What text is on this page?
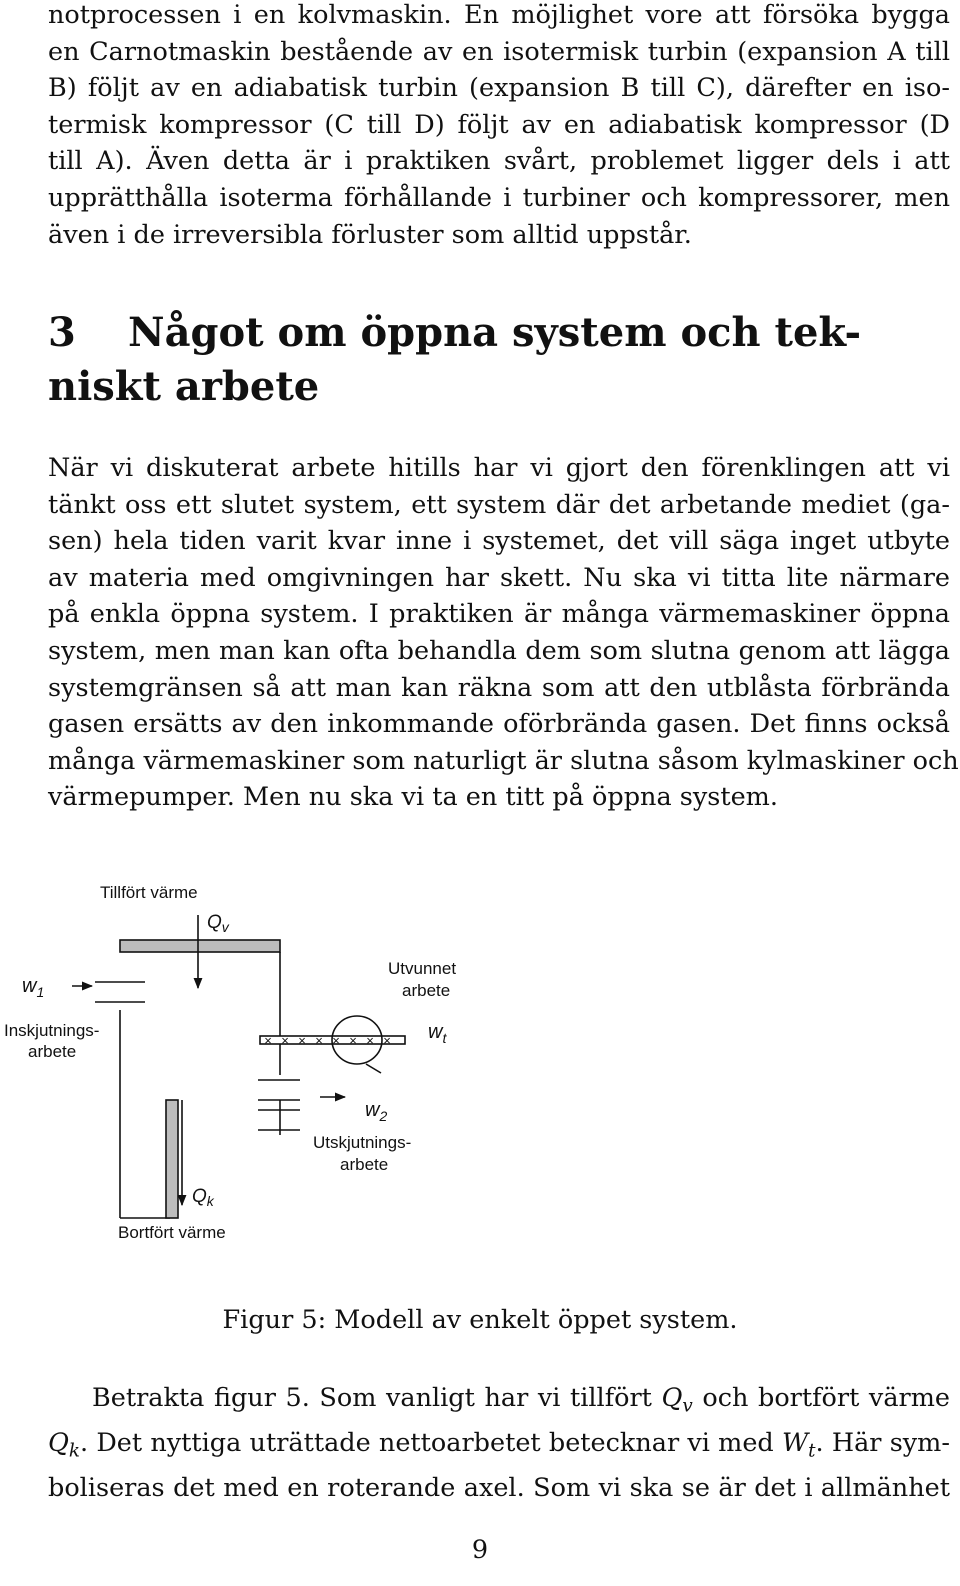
notprocessen i en kolvmaskin. En möjlighet vore att försöka bygga
en Carnotmaskin bestående av en isotermisk turbin (expansion A till
B) följt av en adiabatisk turbin (expansion B till C), därefter en iso-
termisk kompressor (C till D) följt av en adiabatisk kompressor (D
till A). Även detta är i praktiken svårt, problemet ligger dels i att
upprätthålla isoterma förhållande i turbiner och kompressorer, men
även i de irreversibla förluster som alltid uppstår.
3 Något om öppna system och tek-
niskt arbete
När vi diskuterat arbete hitills har vi gjort den förenklingen att vi
tänkt oss ett slutet system, ett system där det arbetande mediet (ga-
sen) hela tiden varit kvar inne i systemet, det vill säga inget utbyte
av materia med omgivningen har skett. Nu ska vi titta lite närmare
på enkla öppna system. I praktiken är många värmemaskiner öppna
system, men man kan ofta behandla dem som slutna genom att lägga
systemgränsen så att man kan räkna som att den utblåsta förbrända
gasen ersätts av den inkommande oförbrända gasen. Det finns också
många värmemaskiner som naturligt är slutna såsom kylmaskiner och
värmepumper. Men nu ska vi ta en titt på öppna system.
× × × × × × × ×
Tillfört värme
$Q_v$
$w_1$
Inskjutnings-
arbete
Utvunnet
arbete
$w_t$
$w_2$
Utskjutnings-
arbete
$Q_k$
Bortfört värme

Figur 5: Modell av enkelt öppet system.

Betrakta figur 5. Som vanligt har vi tillfört $Q_v$ och bortfört värme
$Q_k$. Det nyttiga uträttade nettoarbetet betecknar vi med $W_t$. Här sym-
boliseras det med en roterande axel. Som vi ska se är det i allmänhet
9
